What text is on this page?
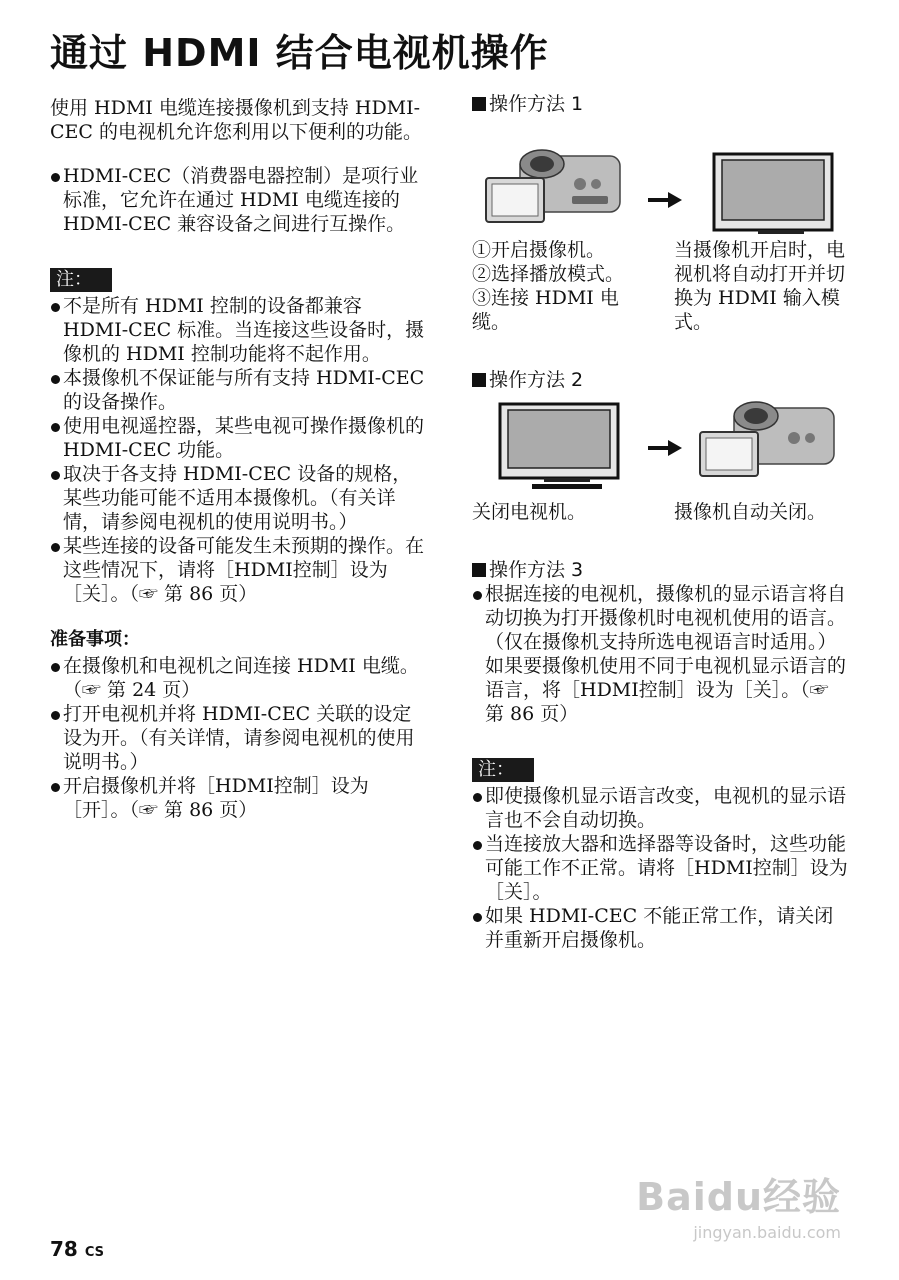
通过 HDMI 结合电视机操作

使用 HDMI 电缆连接摄像机到支持 HDMI-CEC 的电视机允许您利用以下便利的功能。

HDMI-CEC（消费器电器控制）是项行业标准，它允许在通过 HDMI 电缆连接的 HDMI-CEC 兼容设备之间进行互操作。

注：

不是所有 HDMI 控制的设备都兼容 HDMI-CEC 标准。当连接这些设备时，摄像机的 HDMI 控制功能将不起作用。

本摄像机不保证能与所有支持 HDMI-CEC 的设备操作。

使用电视遥控器，某些电视可操作摄像机的 HDMI-CEC 功能。

取决于各支持 HDMI-CEC 设备的规格，某些功能可能不适用本摄像机。（有关详情，请参阅电视机的使用说明书。）

某些连接的设备可能发生未预期的操作。在这些情况下，请将［HDMI控制］设为［关］。（☞ 第 86 页）

准备事项：

在摄像机和电视机之间连接 HDMI 电缆。（☞ 第 24 页）

打开电视机并将 HDMI-CEC 关联的设定设为开。（有关详情，请参阅电视机的使用说明书。）

开启摄像机并将［HDMI控制］设为［开］。（☞ 第 86 页）

操作方法 1

①开启摄像机。

②选择播放模式。

③连接 HDMI 电缆。

当摄像机开启时，电视机将自动打开并切换为 HDMI 输入模式。

操作方法 2

关闭电视机。	摄像机自动关闭。

操作方法 3

根据连接的电视机，摄像机的显示语言将自动切换为打开摄像机时电视机使用的语言。（仅在摄像机支持所选电视语言时适用。）

如果要摄像机使用不同于电视机显示语言的语言，将［HDMI控制］设为［关］。（☞ 第 86 页）

注：

即使摄像机显示语言改变，电视机的显示语言也不会自动切换。

当连接放大器和选择器等设备时，这些功能可能工作不正常。请将［HDMI控制］设为［关］。

如果 HDMI-CEC 不能正常工作，请关闭并重新开启摄像机。

78 CS
Baidu经验
jingyan.baidu.com
